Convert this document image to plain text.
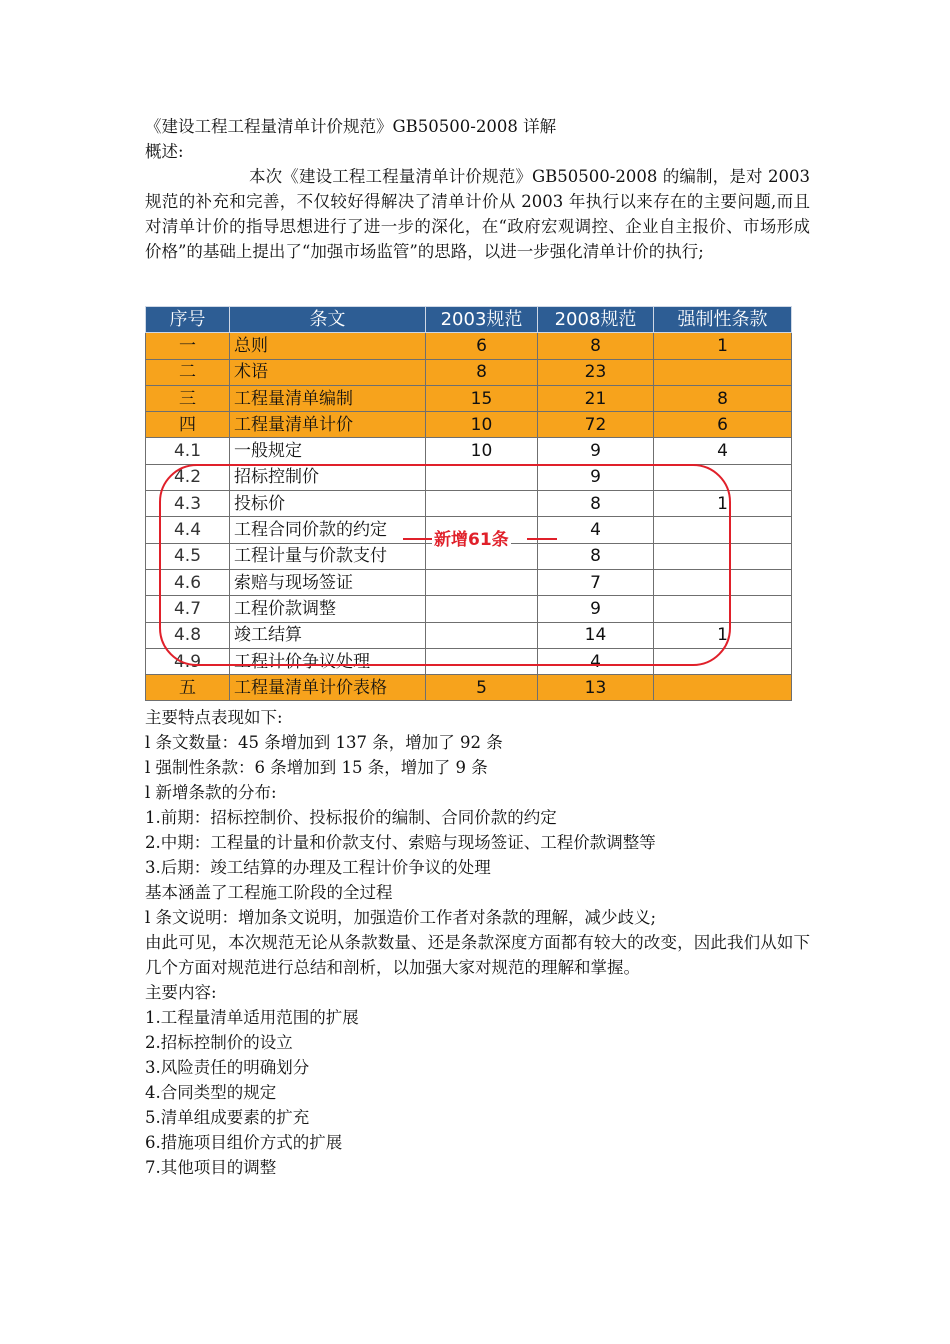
《建设工程工程量清单计价规范》GB50500-2008 详解
概述:
本次《建设工程工程量清单计价规范》GB50500-2008 的编制，是对 2003 规范的补充和完善，不仅较好得解决了清单计价从 2003 年执行以来存在的主要问题,而且对清单计价的指导思想进行了进一步的深化，在“政府宏观调控、企业自主报价、市场形成价格”的基础上提出了“加强市场监管”的思路，以进一步强化清单计价的执行;
序号	条文	2003规范	2008规范	强制性条款
一	总则	6	8	1
二	术语	8	23	
三	工程量清单编制	15	21	8
四	工程量清单计价	10	72	6
4.1	一般规定	10	9	4
4.2	招标控制价		9	
4.3	投标价		8	1
4.4	工程合同价款的约定		4	
4.5	工程计量与价款支付		8	
4.6	索赔与现场签证		7	
4.7	工程价款调整		9	
4.8	竣工结算		14	1
4.9	工程计价争议处理		4	
五	工程量清单计价表格	5	13	
新增61条
主要特点表现如下:
l 条文数量：45 条增加到 137 条，增加了 92 条
l 强制性条款：6 条增加到 15 条，增加了 9 条
l 新增条款的分布:
1.前期：招标控制价、投标报价的编制、合同价款的约定
2.中期：工程量的计量和价款支付、索赔与现场签证、工程价款调整等
3.后期：竣工结算的办理及工程计价争议的处理
基本涵盖了工程施工阶段的全过程
l 条文说明：增加条文说明，加强造价工作者对条款的理解，减少歧义;
由此可见，本次规范无论从条款数量、还是条款深度方面都有较大的改变，因此我们从如下几个方面对规范进行总结和剖析，以加强大家对规范的理解和掌握。
主要内容:
1.工程量清单适用范围的扩展
2.招标控制价的设立
3.风险责任的明确划分
4.合同类型的规定
5.清单组成要素的扩充
6.措施项目组价方式的扩展
7.其他项目的调整
